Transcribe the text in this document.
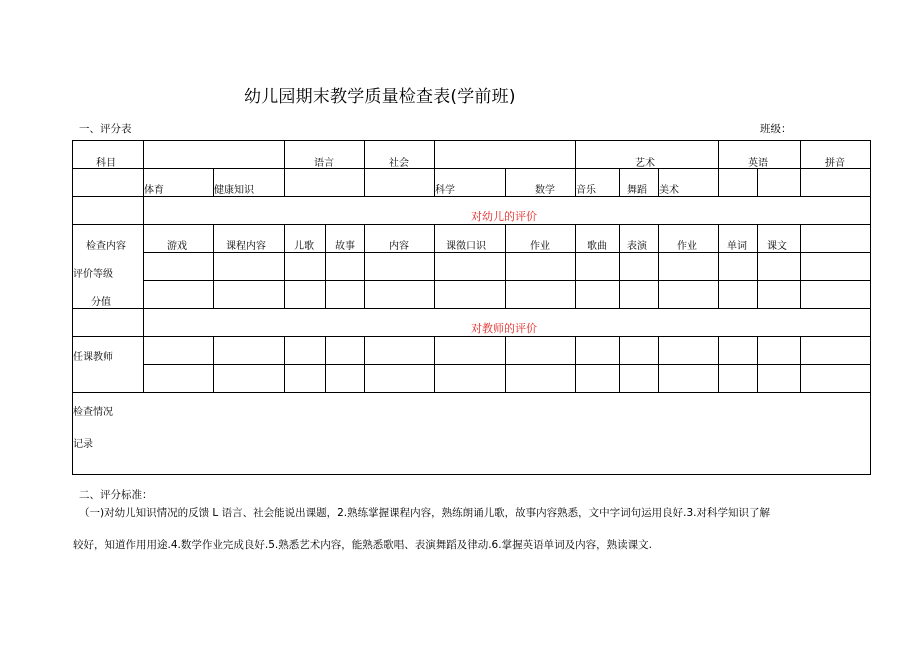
幼儿园期末教学质量检查表(学前班)
一、评分表	班级：
科目	语言	社会	艺术	英语	拼音
体育	健康知识	科学	数学 音乐	舞蹈 美术
对幼儿的评价
检查内容	游戏	课程内容	儿歌 故事	内容	课徵口识	作业	歌曲 表演	作业	单词 课文
评价等级
分值
对教师的评价
任课教师
检查情况
记录
二、评分标准：
（一)对幼儿知识情况的反馈 L 语言、社会能说出课题，2.熟练掌握课程内容，熟练朗诵儿歌，故事内容熟悉，文中字词句运用良好.3.对科学知识了解
较好，知道作用用途.4.数学作业完成良好.5.熟悉艺术内容，能熟悉歌唱、表演舞蹈及律动.6.掌握英语单词及内容，熟读课文.
